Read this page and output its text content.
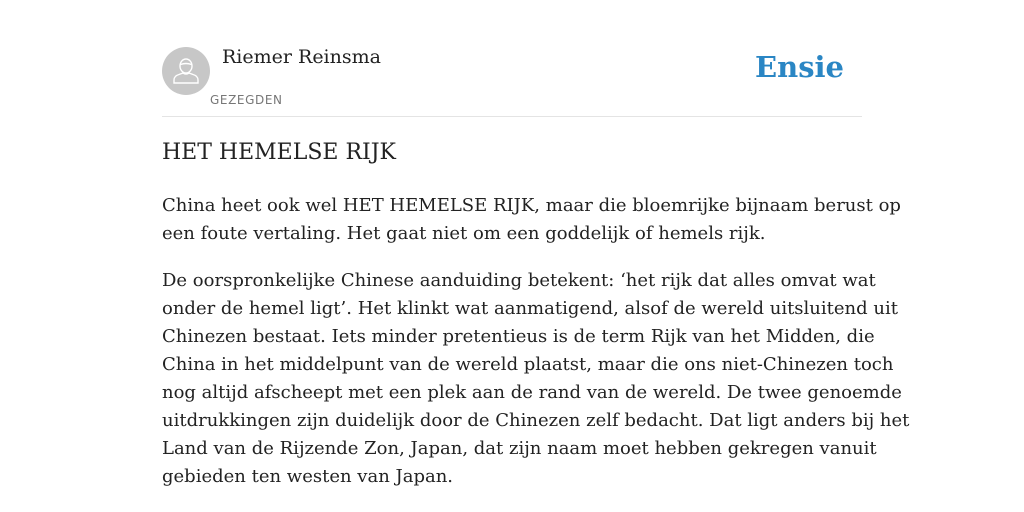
Riemer Reinsma
GEZEGDEN
Ensie
HET HEMELSE RIJK

China heet ook wel HET HEMELSE RIJK, maar die bloemrijke bijnaam berust op
een foute vertaling. Het gaat niet om een goddelijk of hemels rijk.

De oorspronkelijke Chinese aanduiding betekent: ‘het rijk dat alles omvat wat
onder de hemel ligt’. Het klinkt wat aanmatigend, alsof de wereld uitsluitend uit
Chinezen bestaat. Iets minder pretentieus is de term Rijk van het Midden, die
China in het middelpunt van de wereld plaatst, maar die ons niet-Chinezen toch
nog altijd afscheept met een plek aan de rand van de wereld. De twee genoemde
uitdrukkingen zijn duidelijk door de Chinezen zelf bedacht. Dat ligt anders bij het
Land van de Rijzende Zon, Japan, dat zijn naam moet hebben gekregen vanuit
gebieden ten westen van Japan.
